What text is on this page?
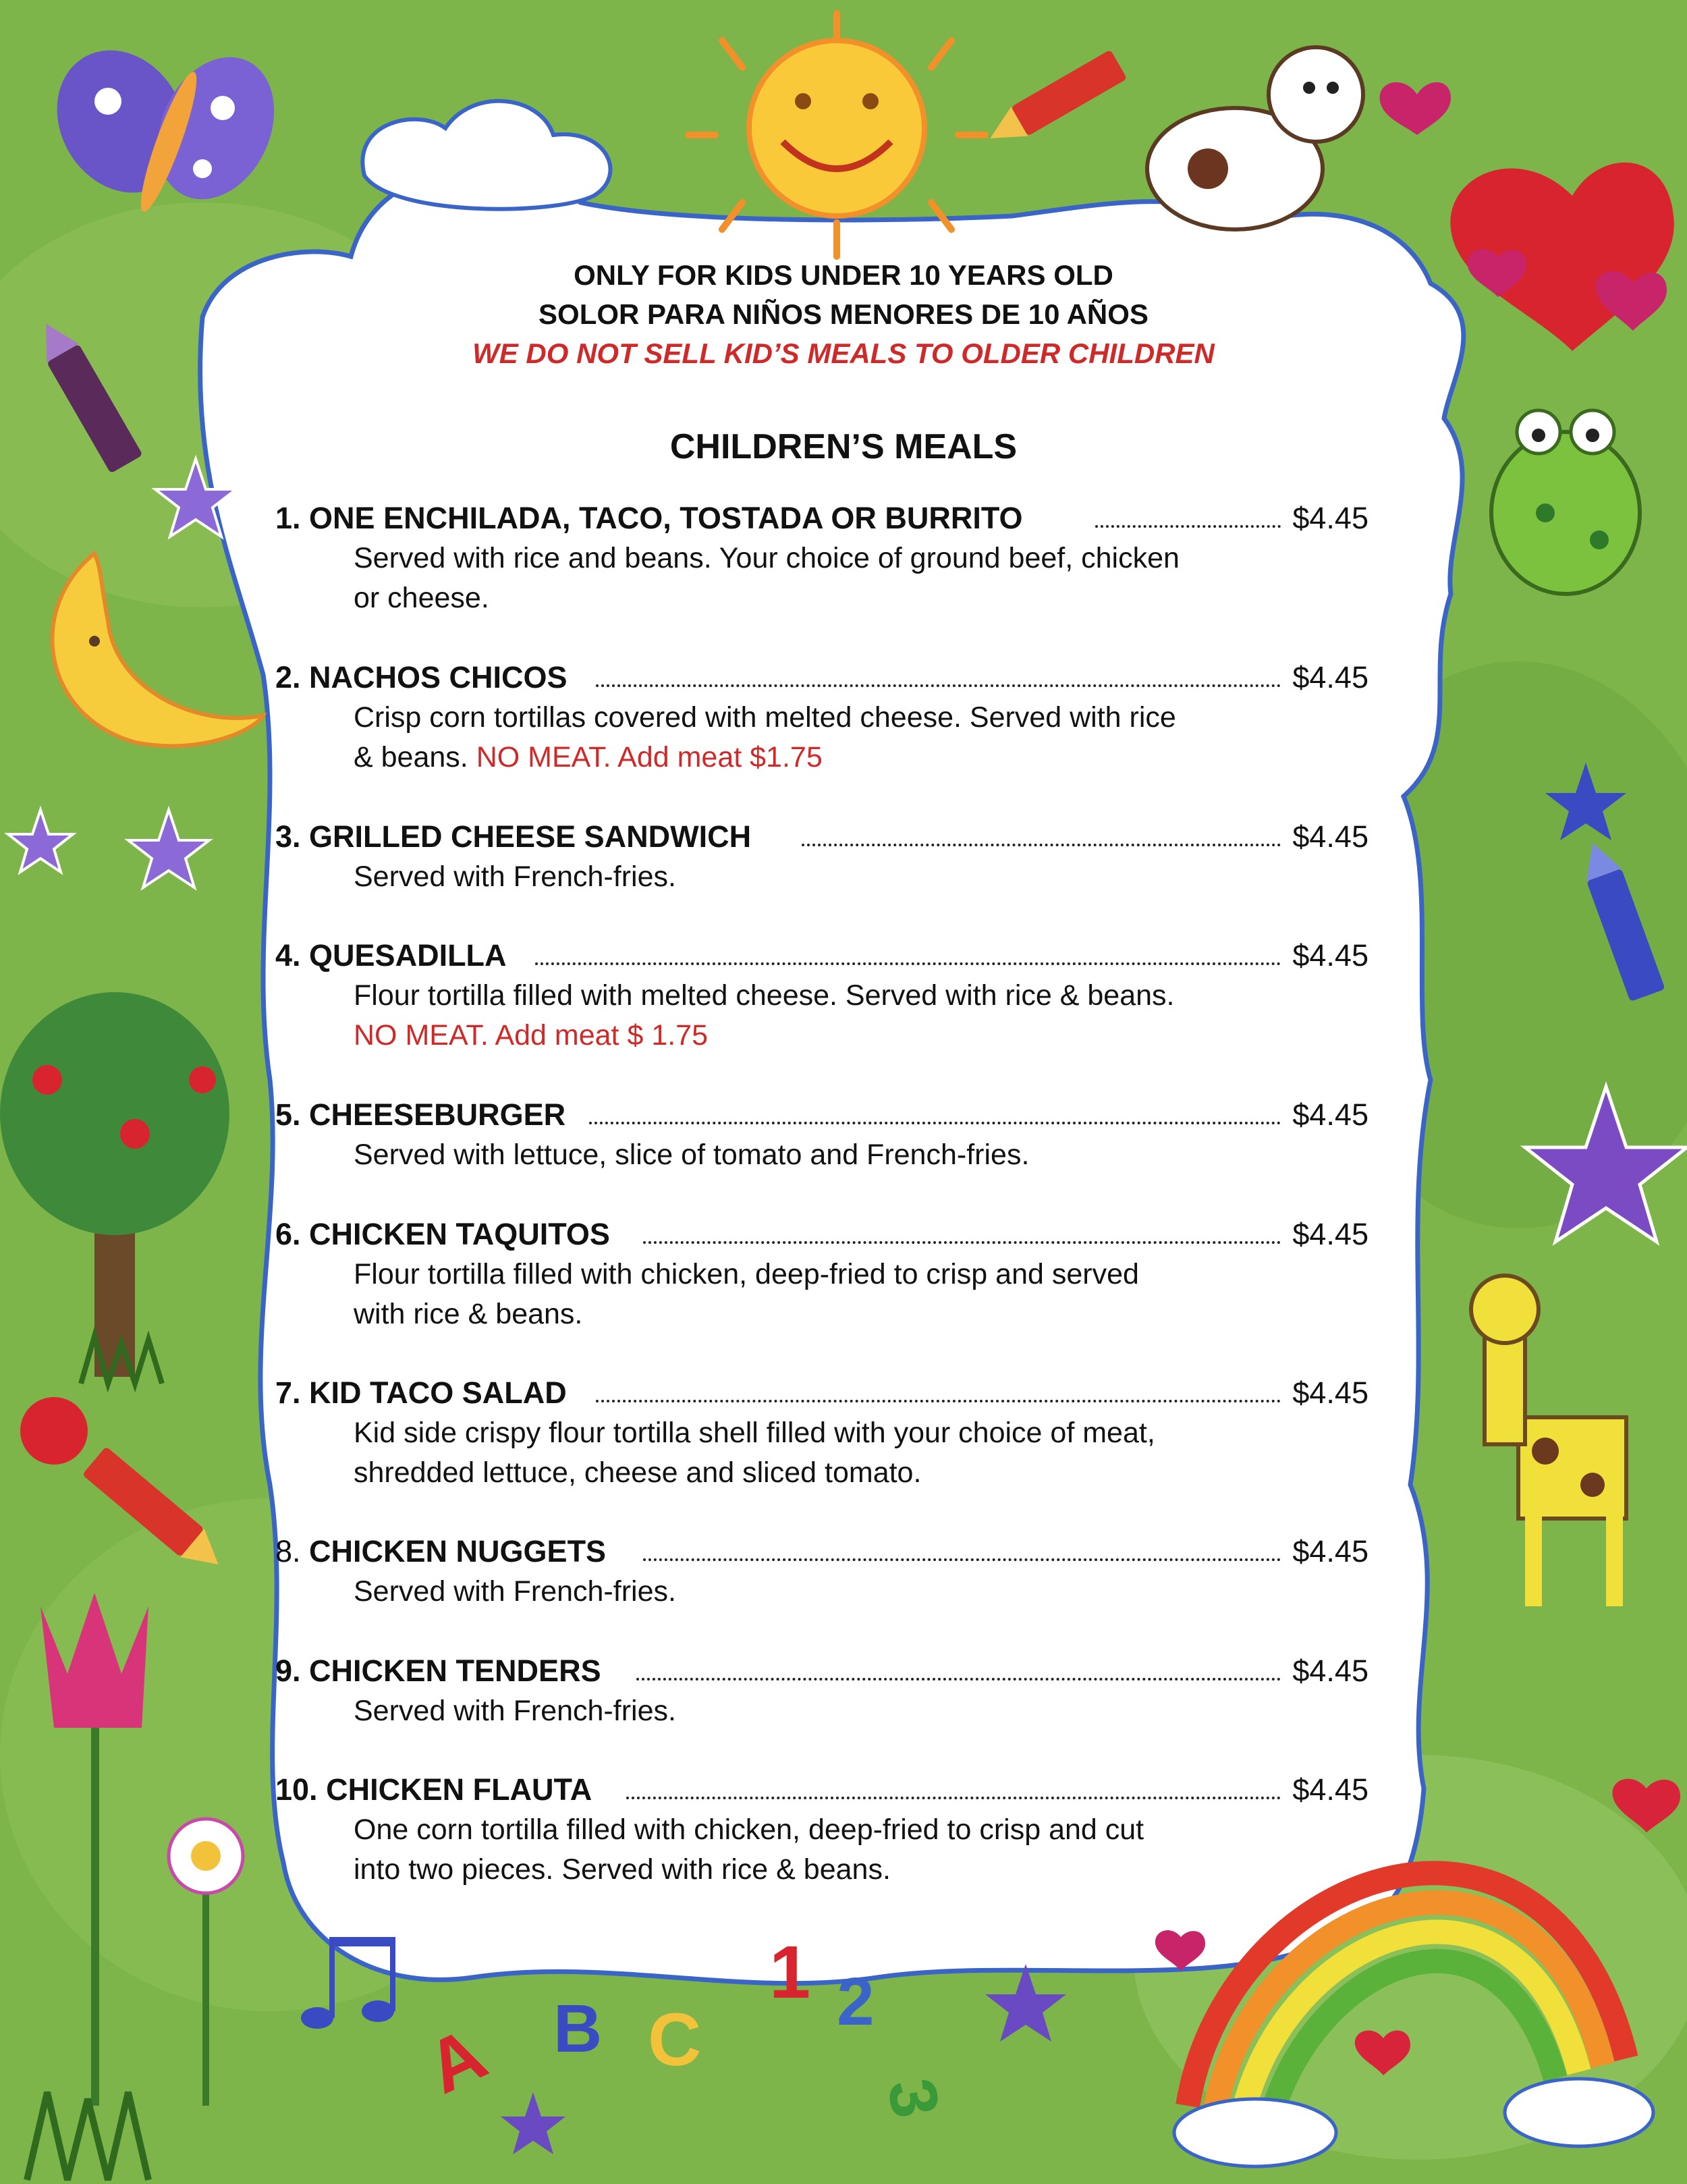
A B C
1 2
3
ONLY FOR KIDS UNDER 10 YEARS OLD
SOLOR PARA NIÑOS MENORES DE 10 AÑOS
WE DO NOT SELL KID’S MEALS TO OLDER CHILDREN
CHILDREN’S MEALS
1. ONE ENCHILADA, TACO, TOSTADA OR BURRITO	$4.45
Served with rice and beans. Your choice of ground beef, chicken
or cheese.
2. NACHOS CHICOS	$4.45
Crisp corn tortillas covered with melted cheese. Served with rice
& beans. NO MEAT. Add meat $1.75
3. GRILLED CHEESE SANDWICH	$4.45
Served with French-fries.
4. QUESADILLA	$4.45
Flour tortilla filled with melted cheese. Served with rice & beans.
NO MEAT. Add meat $ 1.75
5. CHEESEBURGER	$4.45
Served with lettuce, slice of tomato and French-fries.
6. CHICKEN TAQUITOS	$4.45
Flour tortilla filled with chicken, deep-fried to crisp and served
with rice & beans.
7. KID TACO SALAD	$4.45
Kid side crispy flour tortilla shell filled with your choice of meat,
shredded lettuce, cheese and sliced tomato.
8. CHICKEN NUGGETS	$4.45
Served with French-fries.
9. CHICKEN TENDERS	$4.45
Served with French-fries.
10. CHICKEN FLAUTA	$4.45
One corn tortilla filled with chicken, deep-fried to crisp and cut
into two pieces. Served with rice & beans.
